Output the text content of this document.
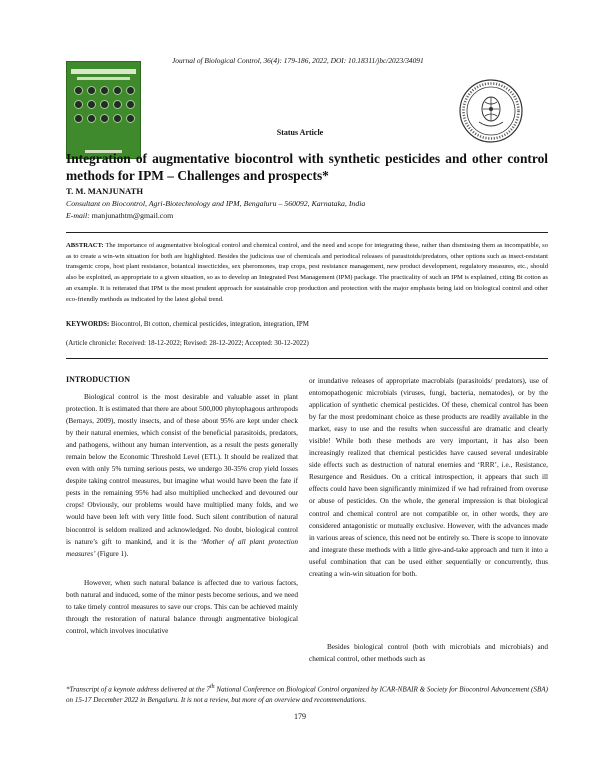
Journal of Biological Control, 36(4): 179-186, 2022, DOI: 10.18311/jbc/2023/34091
Status Article
Integration of augmentative biocontrol with synthetic pesticides and other control methods for IPM – Challenges and prospects*
T. M. MANJUNATH
Consultant on Biocontrol, Agri-Biotechnology and IPM, Bengaluru – 560092, Karnataka, India
E-mail: manjunathtm@gmail.com

ABSTRACT: The importance of augmentative biological control and chemical control, and the need and scope for integrating these, rather than dismissing them as incompatible, so as to create a win-win situation for both are highlighted. Besides the judicious use of chemicals and periodical releases of parasitoids/predators, other options such as insect-resistant transgenic crops, host plant resistance, botanical insecticides, sex pheromones, trap crops, pest resistance management, new product development, regulatory measures, etc., should also be exploited, as appropriate to a given situation, so as to develop an Integrated Pest Management (IPM) package. The practicality of such an IPM is explained, citing Bt cotton as an example. It is reiterated that IPM is the most prudent approach for sustainable crop production and protection with the major emphasis being laid on biological control and other eco-friendly methods as indicated by the latest global trend.

KEYWORDS: Biocontrol, Bt cotton, chemical pesticides, integration, integration, IPM
(Article chronicle: Received: 18-12-2022; Revised: 28-12-2022; Accepted: 30-12-2022)
INTRODUCTION

Biological control is the most desirable and valuable asset in plant protection. It is estimated that there are about 500,000 phytophagous arthropods (Bernays, 2009), mostly insects, and of these about 95% are kept under check by their natural enemies, which consist of the beneficial parasitoids, predators, and pathogens, without any human intervention, as a result the pests generally remain below the Economic Threshold Level (ETL). It should be realized that even with only 5% turning serious pests, we undergo 30-35% crop yield losses despite taking control measures, but imagine what would have been the fate if pests in the remaining 95% had also multiplied unchecked and devoured our crops! Obviously, our problems would have multiplied many folds, and we would have been left with very little food. Such silent contribution of natural biocontrol is seldom realized and acknowledged. No doubt, biological control is nature’s gift to mankind, and it is the ‘Mother of all plant protection measures’ (Figure 1).

However, when such natural balance is affected due to various factors, both natural and induced, some of the minor pests become serious, and we need to take timely control measures to save our crops. This can be achieved mainly through the restoration of natural balance through augmentative biological control, which involves inoculative

or inundative releases of appropriate macrobials (parasitoids/ predators), use of entomopathogenic microbials (viruses, fungi, bacteria, nematodes), or by the application of synthetic chemical pesticides. Of these, chemical control has been by far the most predominant choice as these products are readily available in the market, easy to use and the results when successful are dramatic and clearly visible! While both these methods are very important, it has also been increasingly realized that chemical pesticides have caused several undesirable side effects such as destruction of natural enemies and ‘RRR’, i.e., Resistance, Resurgence and Residues. On a critical introspection, it appears that such ill effects could have been significantly minimized if we had refrained from overuse or abuse of pesticides. On the whole, the general impression is that biological control and chemical control are not compatible or, in other words, they are considered antagonistic or mutually exclusive. However, with the advances made in various areas of science, this need not be entirely so. There is scope to innovate and integrate these methods with a little give-and-take approach and turn it into a useful combination that can be used either sequentially or concurrently, thus creating a win-win situation for both.

Besides biological control (both with microbials and microbials) and chemical control, other methods such as

*Transcript of a keynote address delivered at the 7th National Conference on Biological Control organized by ICAR-NBAIR & Society for Biocontrol Advancement (SBA) on 15-17 December 2022 in Bengaluru. It is not a review, but more of an overview and recommendations.

179
